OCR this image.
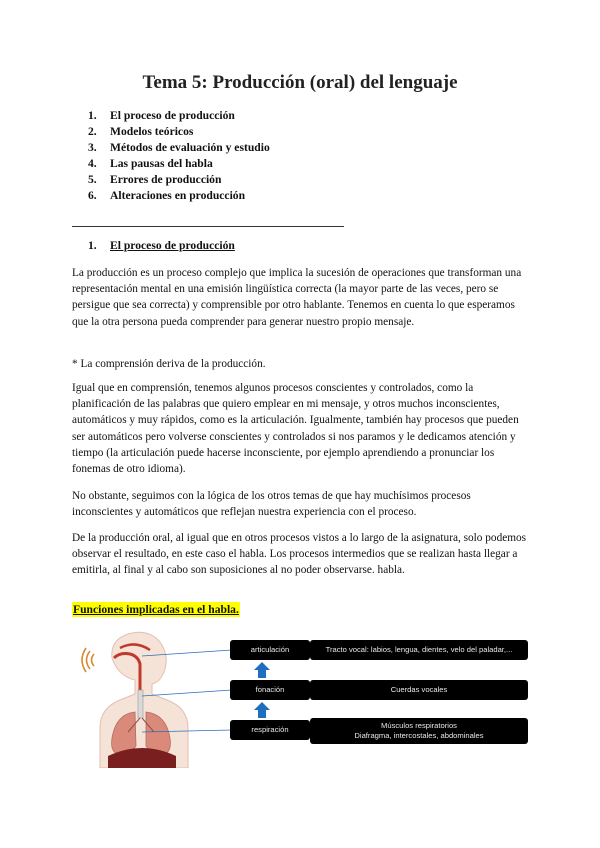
Tema 5: Producción (oral) del lenguaje
1. El proceso de producción
2. Modelos teóricos
3. Métodos de evaluación y estudio
4. Las pausas del habla
5. Errores de producción
6. Alteraciones en producción
1. El proceso de producción

La producción es un proceso complejo que implica la sucesión de operaciones que transforman una representación mental en una emisión lingüística correcta (la mayor parte de las veces, pero se persigue que sea correcta) y comprensible por otro hablante. Tenemos en cuenta lo que esperamos que la otra persona pueda comprender para generar nuestro propio mensaje.

* La comprensión deriva de la producción.

Igual que en comprensión, tenemos algunos procesos conscientes y controlados, como la planificación de las palabras que quiero emplear en mi mensaje, y otros muchos inconscientes, automáticos y muy rápidos, como es la articulación. Igualmente, también hay procesos que pueden ser automáticos pero volverse conscientes y controlados si nos paramos y le dedicamos atención y tiempo (la articulación puede hacerse inconsciente, por ejemplo aprendiendo a pronunciar los fonemas de otro idioma).

No obstante, seguimos con la lógica de los otros temas de que hay muchísimos procesos inconscientes y automáticos que reflejan nuestra experiencia con el proceso.

De la producción oral, al igual que en otros procesos vistos a lo largo de la asignatura, solo podemos observar el resultado, en este caso el habla. Los procesos intermedios que se realizan hasta llegar a emitirla, al final y al cabo son suposiciones al no poder observarse. habla.

Funciones implicadas en el habla.
articulación
fonación
respiración
Tracto vocal: labios, lengua, dientes, velo del paladar,...
Cuerdas vocales
Músculos respiratorios
Diafragma, intercostales, abdominales
